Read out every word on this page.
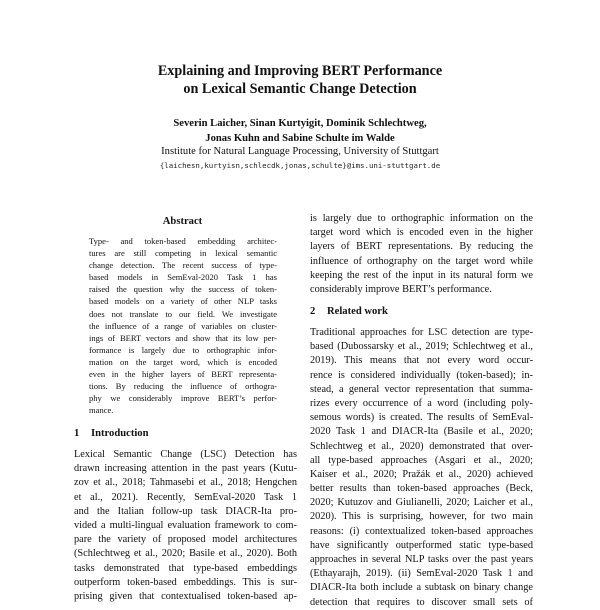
Explaining and Improving BERT Performance
on Lexical Semantic Change Detection
Severin Laicher, Sinan Kurtyigit, Dominik Schlechtweg,
Jonas Kuhn and Sabine Schulte im Walde
Institute for Natural Language Processing, University of Stuttgart
{laichesn,kurtyisn,schlecdk,jonas,schulte}@ims.uni-stuttgart.de
Abstract
Type- and token-based embedding architec-
tures are still competing in lexical semantic
change detection. The recent success of type-
based models in SemEval-2020 Task 1 has
raised the question why the success of token-
based models on a variety of other NLP tasks
does not translate to our field. We investigate
the influence of a range of variables on cluster-
ings of BERT vectors and show that its low per-
formance is largely due to orthographic infor-
mation on the target word, which is encoded
even in the higher layers of BERT representa-
tions. By reducing the influence of orthogra-
phy we considerably improve BERT’s perfor-
mance.
1 Introduction
Lexical Semantic Change (LSC) Detection has
drawn increasing attention in the past years (Kutu-
zov et al., 2018; Tahmasebi et al., 2018; Hengchen
et al., 2021). Recently, SemEval-2020 Task 1
and the Italian follow-up task DIACR-Ita pro-
vided a multi-lingual evaluation framework to com-
pare the variety of proposed model architectures
(Schlechtweg et al., 2020; Basile et al., 2020). Both
tasks demonstrated that type-based embeddings
outperform token-based embeddings. This is sur-
prising given that contextualised token-based ap-
is largely due to orthographic information on the
target word which is encoded even in the higher
layers of BERT representations. By reducing the
influence of orthography on the target word while
keeping the rest of the input in its natural form we
considerably improve BERT’s performance.
2 Related work
Traditional approaches for LSC detection are type-
based (Dubossarsky et al., 2019; Schlechtweg et al.,
2019). This means that not every word occur-
rence is considered individually (token-based); in-
stead, a general vector representation that summa-
rizes every occurrence of a word (including poly-
semous words) is created. The results of SemEval-
2020 Task 1 and DIACR-Ita (Basile et al., 2020;
Schlechtweg et al., 2020) demonstrated that over-
all type-based approaches (Asgari et al., 2020;
Kaiser et al., 2020; Pražák et al., 2020) achieved
better results than token-based approaches (Beck,
2020; Kutuzov and Giulianelli, 2020; Laicher et al.,
2020). This is surprising, however, for two main
reasons: (i) contextualized token-based approaches
have significantly outperformed static type-based
approaches in several NLP tasks over the past years
(Ethayarajh, 2019). (ii) SemEval-2020 Task 1 and
DIACR-Ita both include a subtask on binary change
detection that requires to discover small sets of
